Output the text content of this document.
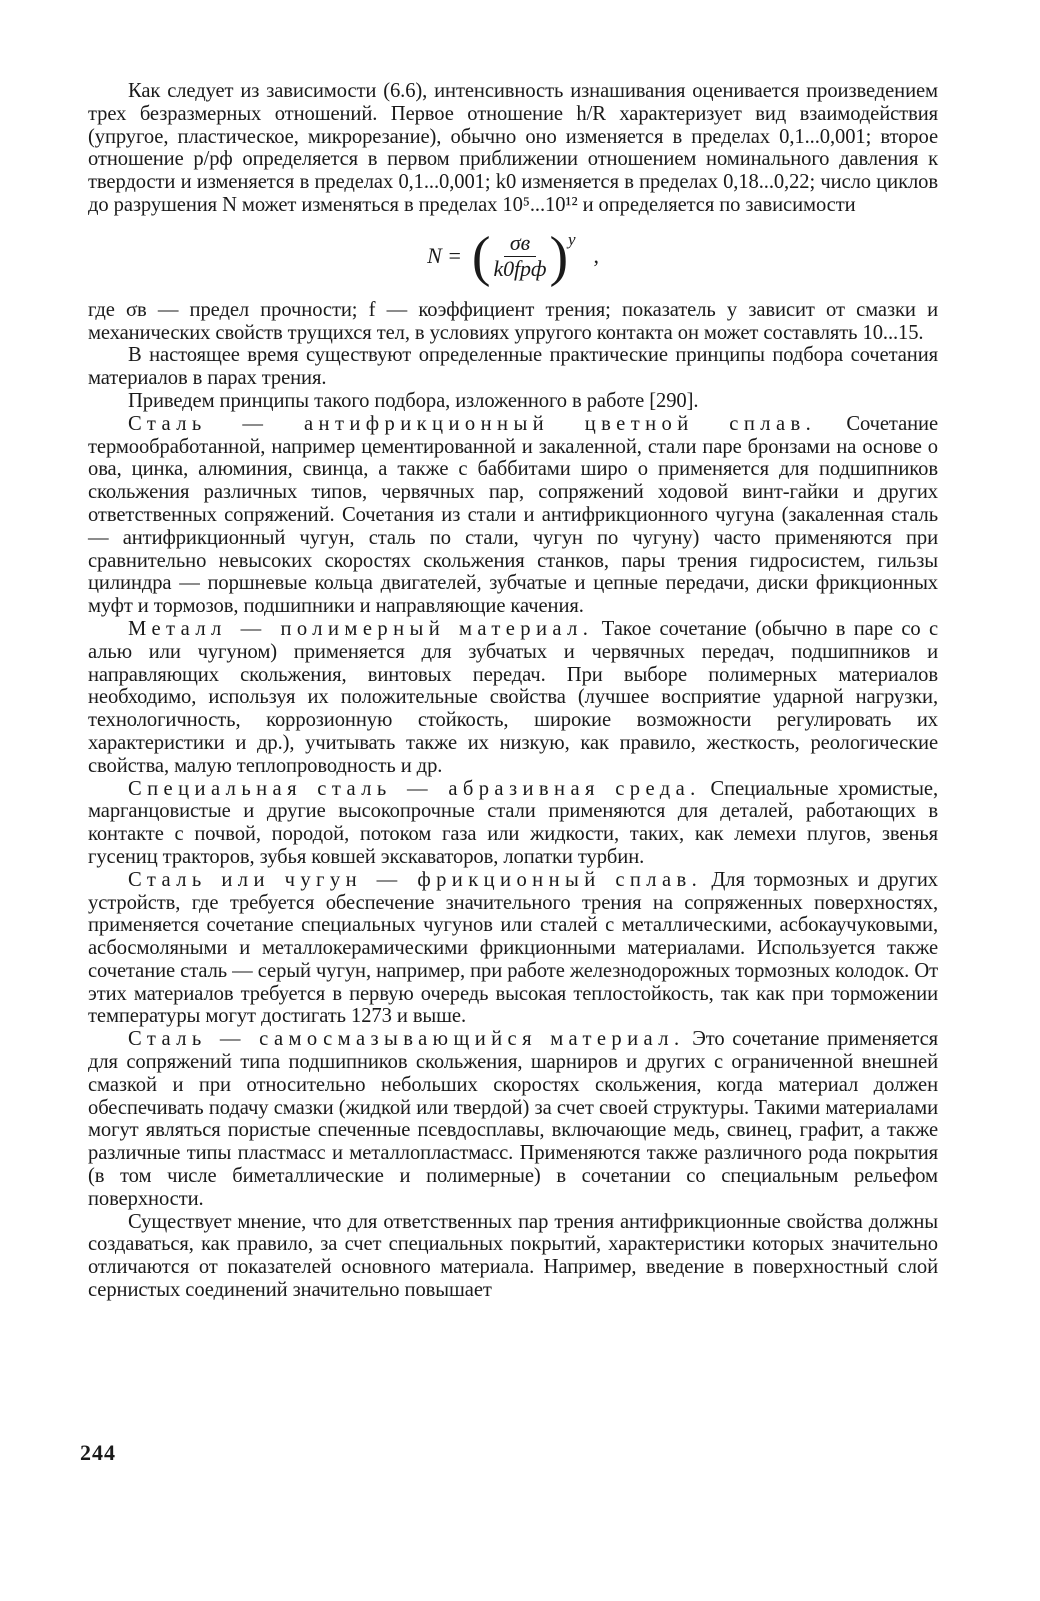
Как следует из зависимости (6.6), интенсивность изнашивания оценивается произведением трех безразмерных отношений. Первое отношение h/R характеризует вид взаимодействия (упругое, пластическое, микрорезание), обычно оно изменяется в пределах 0,1...0,001; второе отношение p/pф определяется в первом приближении отношением номинального давления к твердости и изменяется в пределах 0,1...0,001; k0 изменяется в пределах 0,18...0,22; число циклов до разрушения N может изменяться в пределах 10⁵...10¹² и определяется по зависимости

N = ( $\frac{\sigma в}{\text{k0fpф}}$ ) y
,

где σв — предел прочности; f — коэффициент трения; показатель y зависит от смазки и механических свойств трущихся тел, в условиях упругого контакта он может составлять 10...15.

В настоящее время существуют определенные практические принципы подбора сочетания материалов в парах трения.

Приведем принципы такого подбора, изложенного в работе [290].

Сталь — антифрикционный цветной сплав. Сочетание термообработанной, например цементированной и закаленной, стали паре бронзами на основе о ова, цинка, алюминия, свинца, а также с баббитами широ о применяется для подшипников скольжения различных типов, червячных пар, сопряжений ходовой винт-гайки и других ответственных сопряжений. Сочетания из стали и антифрикционного чугуна (закаленная сталь — антифрикционный чугун, сталь по стали, чугун по чугуну) часто применяются при сравнительно невысоких скоростях скольжения станков, пары трения гидросистем, гильзы цилиндра — поршневые кольца двигателей, зубчатые и цепные передачи, диски фрикционных муфт и тормозов, подшипники и направляющие качения.

Металл — полимерный материал. Такое сочетание (обычно в паре со с алью или чугуном) применяется для зубчатых и червячных передач, подшипников и направляющих скольжения, винтовых передач. При выборе полимерных материалов необходимо, используя их положительные свойства (лучшее восприятие ударной нагрузки, технологичность, коррозионную стойкость, широкие возможности регулировать их характеристики и др.), учитывать также их низкую, как правило, жесткость, реологические свойства, малую теплопроводность и др.

Специальная сталь — абразивная среда. Специальные хромистые, марганцовистые и другие высокопрочные стали применяются для деталей, работающих в контакте с почвой, породой, потоком газа или жидкости, таких, как лемехи плугов, звенья гусениц тракторов, зубья ковшей экскаваторов, лопатки турбин.

Сталь или чугун — фрикционный сплав. Для тормозных и других устройств, где требуется обеспечение значительного трения на сопряженных поверхностях, применяется сочетание специальных чугунов или сталей с металлическими, асбокаучуковыми, асбосмоляными и металлокерамическими фрикционными материалами. Используется также сочетание сталь — серый чугун, например, при работе железнодорожных тормозных колодок. От этих материалов требуется в первую очередь высокая теплостойкость, так как при торможении температуры могут достигать 1273 и выше.

Сталь — самосмазывающийся материал. Это сочетание применяется для сопряжений типа подшипников скольжения, шарниров и других с ограниченной внешней смазкой и при относительно небольших скоростях скольжения, когда материал должен обеспечивать подачу смазки (жидкой или твердой) за счет своей структуры. Такими материалами могут являться пористые спеченные псевдосплавы, включающие медь, свинец, графит, а также различные типы пластмасс и металлопластмасс. Применяются также различного рода покрытия (в том числе биметаллические и полимерные) в сочетании со специальным рельефом поверхности.

Существует мнение, что для ответственных пар трения антифрикционные свойства должны создаваться, как правило, за счет специальных покрытий, характеристики которых значительно отличаются от показателей основного материала. Например, введение в поверхностный слой сернистых соединений значительно повышает

244
